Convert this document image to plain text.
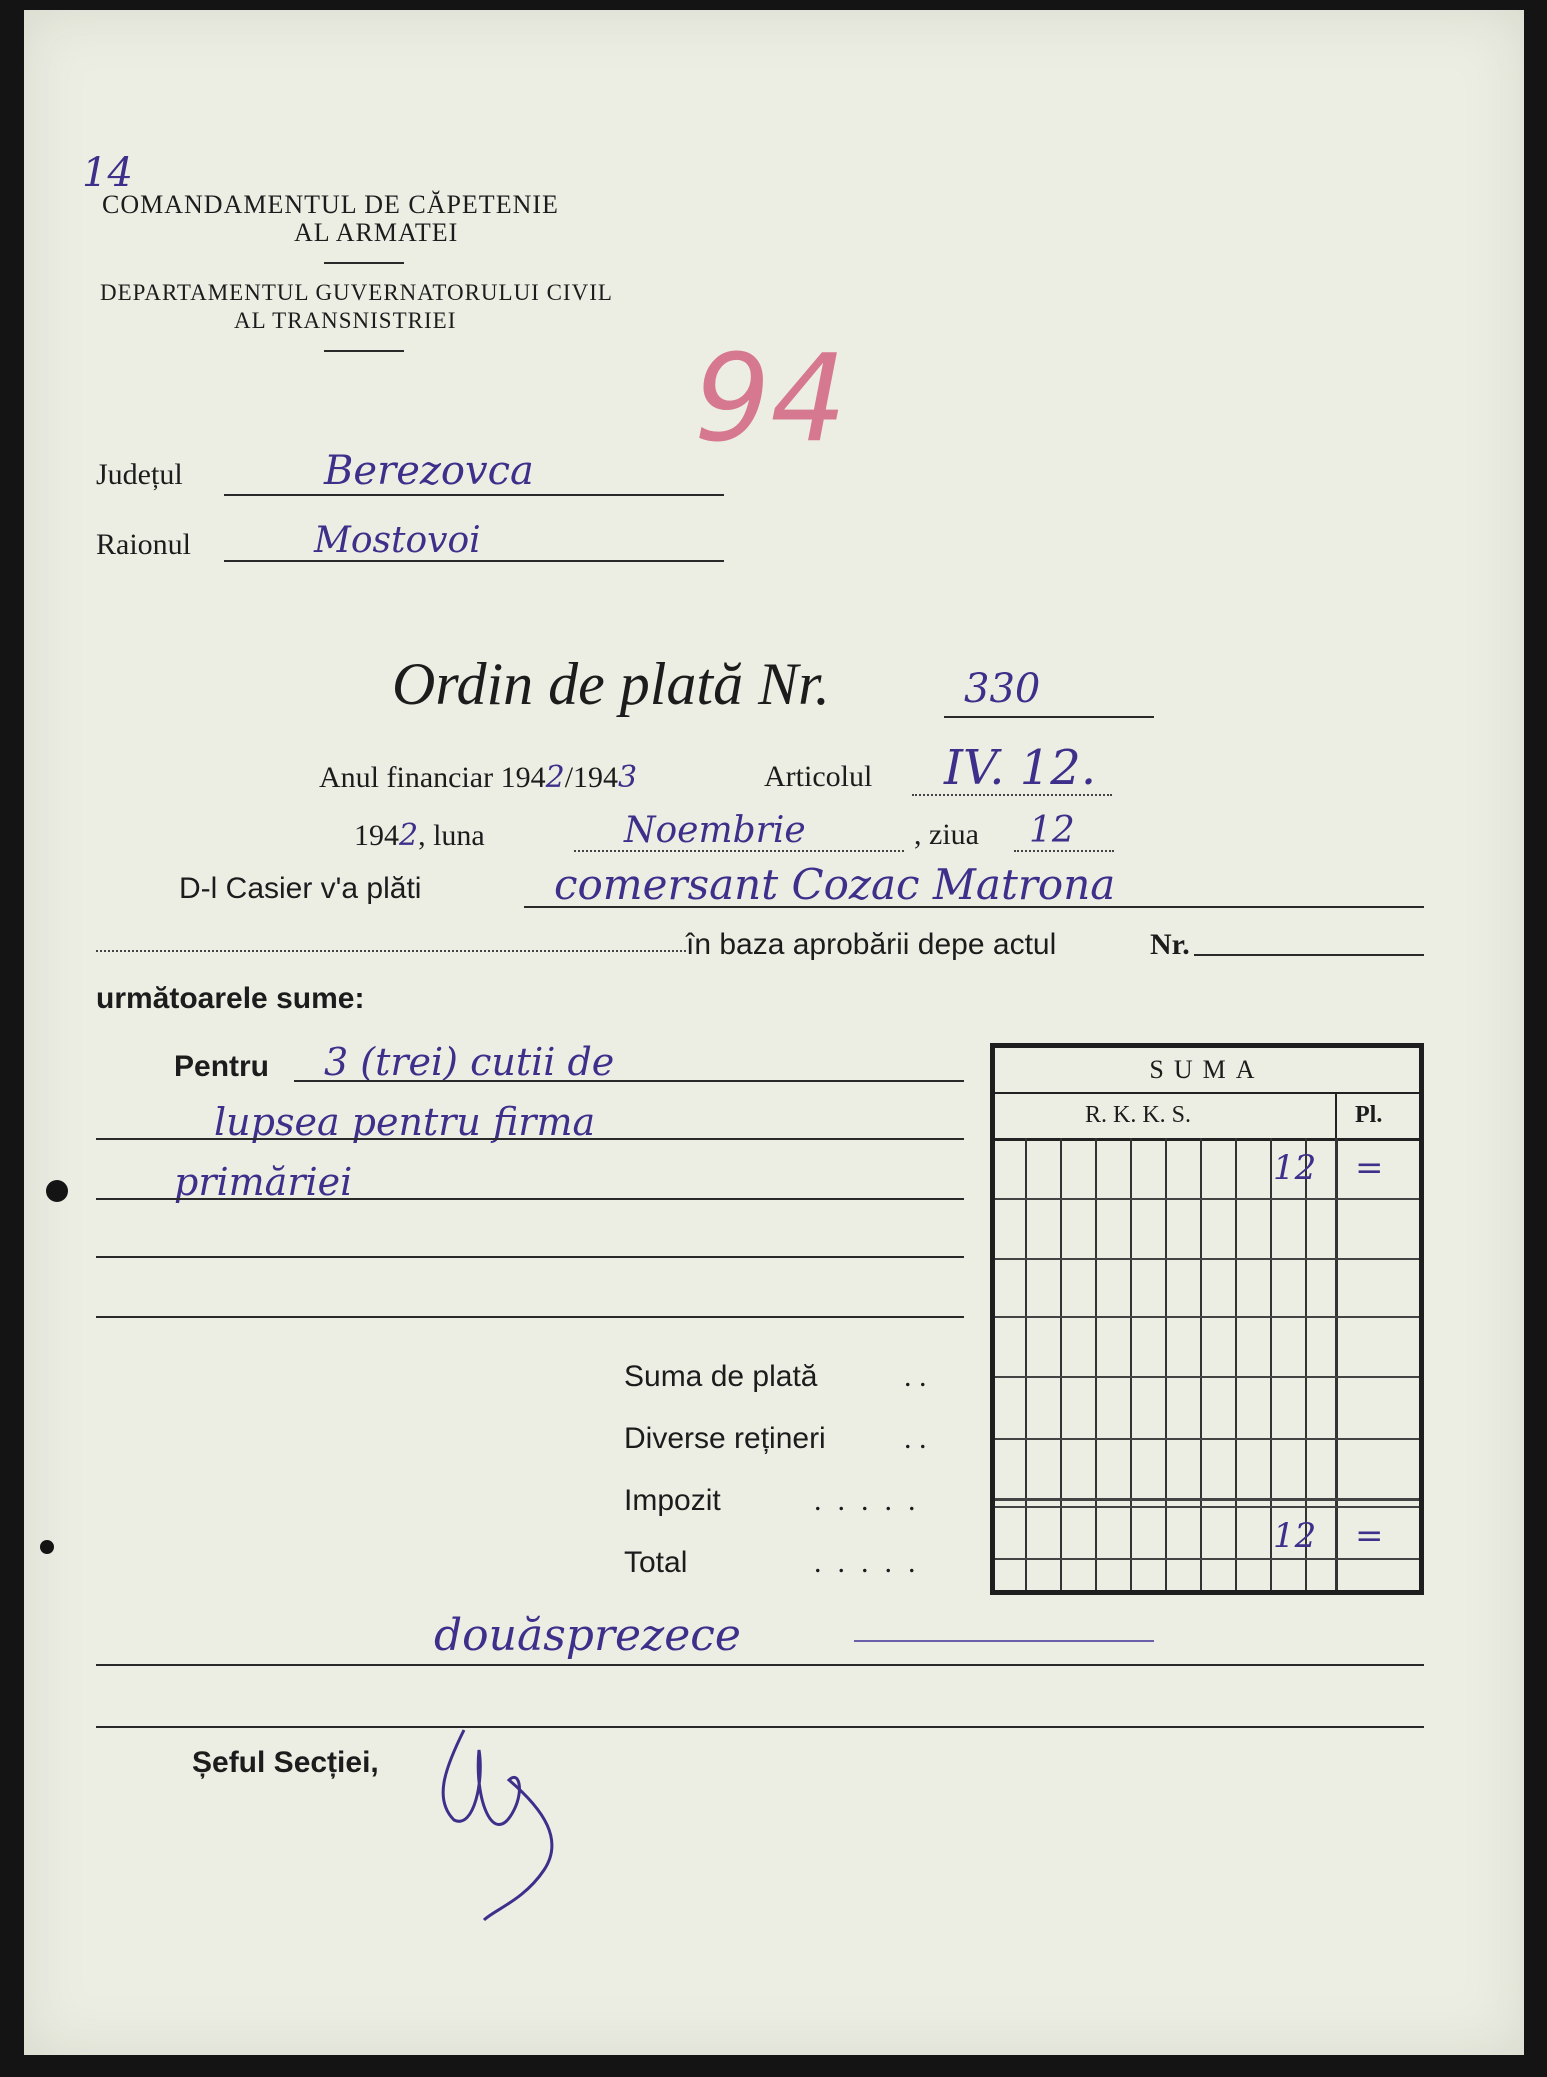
14
COMANDAMENTUL DE CĂPETENIE
AL ARMATEI
DEPARTAMENTUL GUVERNATORULUI CIVIL
AL TRANSNISTRIEI
94
Județul	Berezovca
Raionul	Mostovoi
Ordin de plată Nr.	330
Anul financiar 1942/1943	Articolul IV. 12.
1942, luna	Noembrie	, ziua 12
D-l Casier v'a plăti	comersant Cozac Matrona
în baza aprobării depe actul	Nr.
următoarele sume:
Pentru 3 (trei) cutii de
lupsea pentru firma
primăriei
Suma de plată	. .
Diverse rețineri	. .
Impozit	.....
Total	.....
SUMA
R. K. K. S.	Pl.
12 =
12 =
douăsprezece
Șeful Secției,
